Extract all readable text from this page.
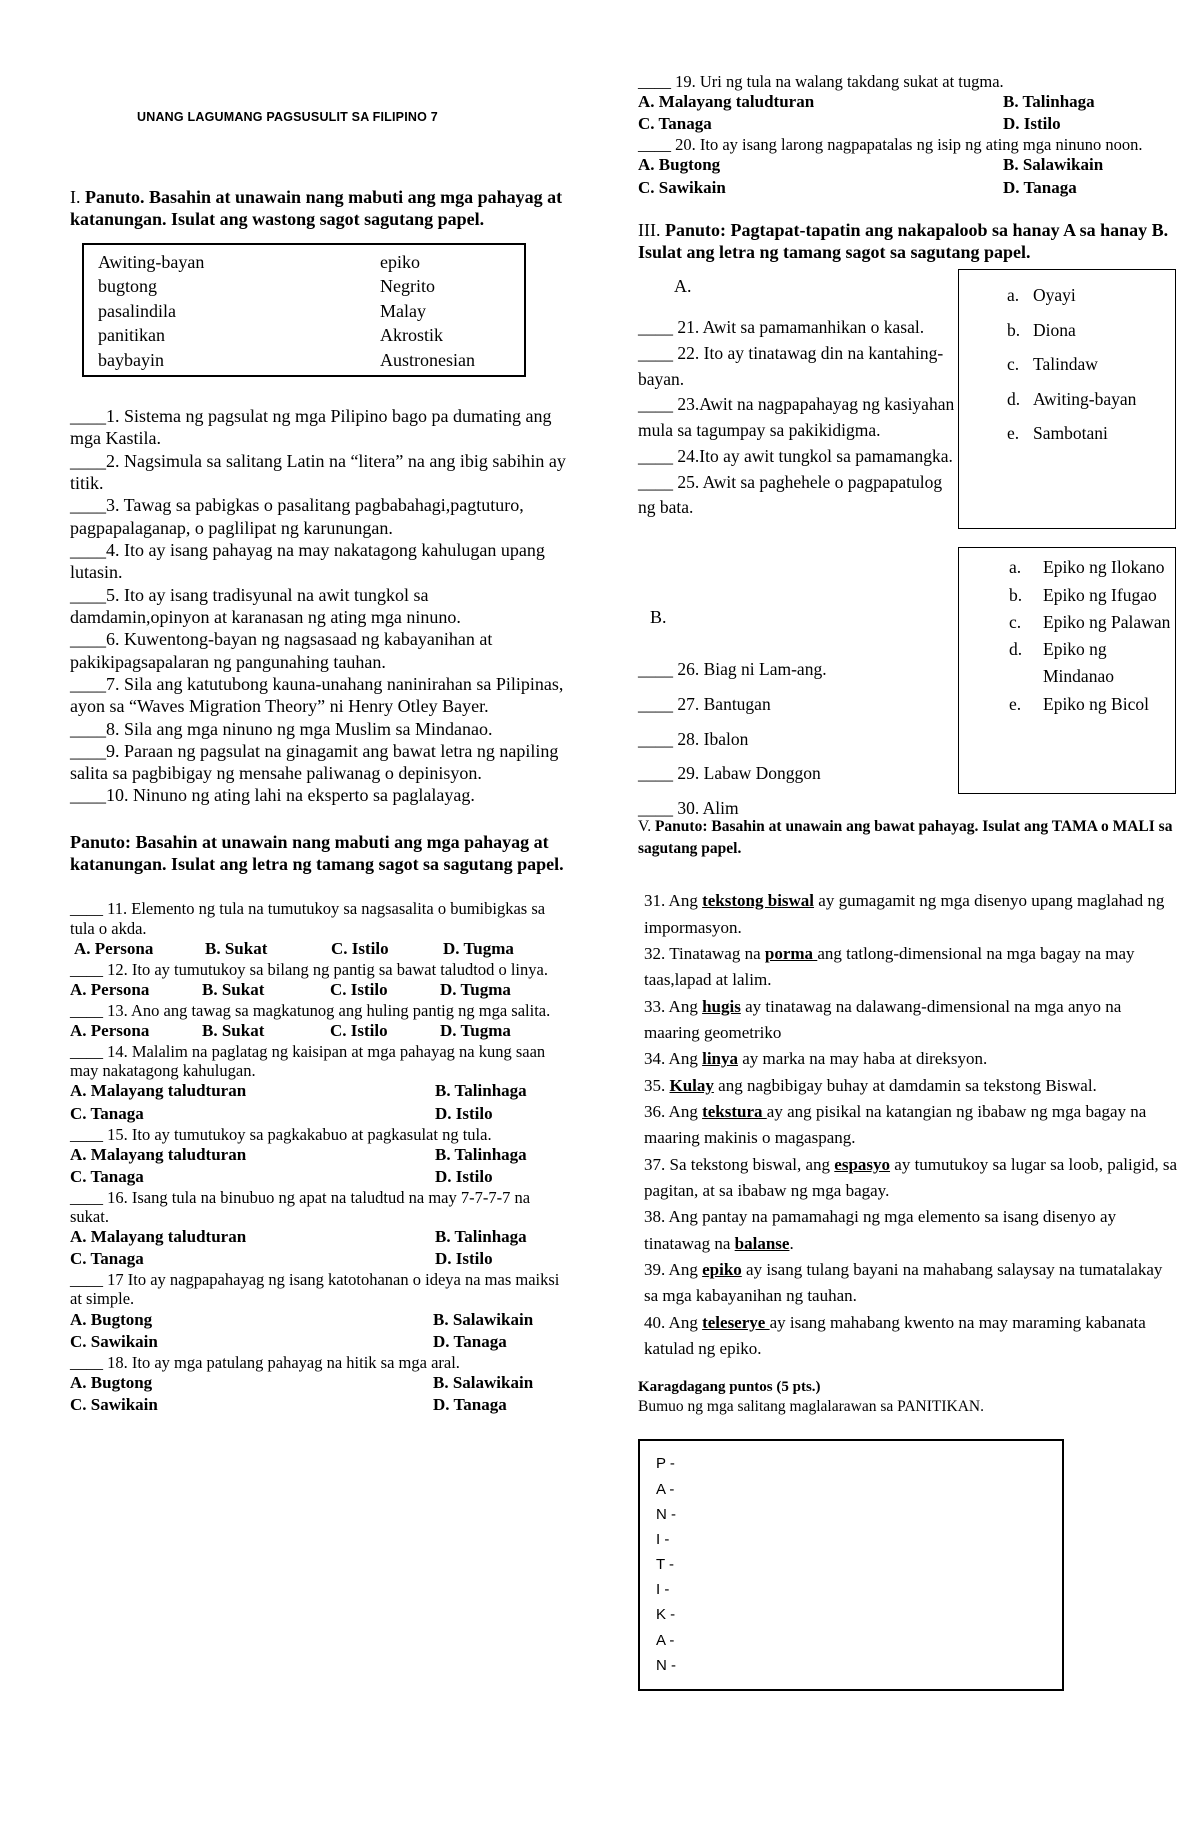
UNANG LAGUMANG PAGSUSULIT SA FILIPINO 7
I. Panuto. Basahin at unawain nang mabuti ang mga pahayag at katanungan. Isulat ang wastong sagot sagutang papel.
Awiting-bayan	epiko
bugtong	Negrito
pasalindila	Malay
panitikan	Akrostik
baybayin	Austronesian
____1. Sistema ng pagsulat ng mga Pilipino bago pa dumating ang mga Kastila.
____2. Nagsimula sa salitang Latin na “litera” na ang ibig sabihin ay titik.
____3. Tawag sa pabigkas o pasalitang pagbabahagi,pagtuturo, pagpapalaganap, o paglilipat ng karunungan.
____4. Ito ay isang pahayag na may nakatagong kahulugan upang lutasin.
____5. Ito ay isang tradisyunal na awit tungkol sa damdamin,opinyon at karanasan ng ating mga ninuno.
____6. Kuwentong-bayan ng nagsasaad ng kabayanihan at pakikipagsapalaran ng pangunahing tauhan.
____7. Sila ang katutubong kauna-unahang naninirahan sa Pilipinas, ayon sa “Waves Migration Theory” ni Henry Otley Bayer.
____8. Sila ang mga ninuno ng mga Muslim sa Mindanao.
____9. Paraan ng pagsulat na ginagamit ang bawat letra ng napiling salita sa pagbibigay ng mensahe paliwanag o depinisyon.
____10. Ninuno ng ating lahi na eksperto sa paglalayag.
Panuto: Basahin at unawain nang mabuti ang mga pahayag at katanungan. Isulat ang letra ng tamang sagot sa sagutang papel.
____ 11. Elemento ng tula na tumutukoy sa nagsasalita o bumibigkas sa tula o akda.
A. Persona	B. Sukat	C. Istilo	D. Tugma
____ 12. Ito ay tumutukoy sa bilang ng pantig sa bawat taludtod o linya.
A. Persona	B. Sukat	C. Istilo	D. Tugma
____ 13. Ano ang tawag sa magkatunog ang huling pantig ng mga salita.
A. Persona	B. Sukat	C. Istilo	D. Tugma
____ 14. Malalim na paglatag ng kaisipan at mga pahayag na kung saan may nakatagong kahulugan.
A. Malayang taludturan	B. Talinhaga
C. Tanaga	D. Istilo
____ 15. Ito ay tumutukoy sa pagkakabuo at pagkasulat ng tula.
A. Malayang taludturan	B. Talinhaga
C. Tanaga	D. Istilo
____ 16. Isang tula na binubuo ng apat na taludtud na may 7-7-7-7 na sukat.
A. Malayang taludturan	B. Talinhaga
C. Tanaga	D. Istilo
____ 17 Ito ay nagpapahayag ng isang katotohanan o ideya na mas maiksi at simple.
A. Bugtong	B. Salawikain
C. Sawikain	D. Tanaga
____ 18. Ito ay mga patulang pahayag na hitik sa mga aral.
A. Bugtong	B. Salawikain
C. Sawikain	D. Tanaga
____ 19. Uri ng tula na walang takdang sukat at tugma.
A. Malayang taludturan	B. Talinhaga
C. Tanaga	D. Istilo
____ 20. Ito ay isang larong nagpapatalas ng isip ng ating mga ninuno noon.
A. Bugtong	B. Salawikain
C. Sawikain	D. Tanaga
III. Panuto: Pagtapat-tapatin ang nakapaloob sa hanay A sa hanay B. Isulat ang letra ng tamang sagot sa sagutang papel.
A.
____ 21. Awit sa pamamanhikan o kasal.
____ 22. Ito ay tinatawag din na kantahing-bayan.
____ 23.Awit na nagpapahayag ng kasiyahan mula sa tagumpay sa pakikidigma.
____ 24.Ito ay awit tungkol sa pamamangka.
____ 25. Awit sa paghehele o pagpapatulog ng bata.
a. Oyayi
b. Diona
c. Talindaw
d. Awiting-bayan
e. Sambotani
B.
____ 26. Biag ni Lam-ang.
____ 27. Bantugan
____ 28. Ibalon
____ 29. Labaw Donggon
____ 30. Alim
a.	Epiko ng Ilokano
b.	Epiko ng Ifugao
c.	Epiko ng Palawan
d.	Epiko ng Mindanao
e.	Epiko ng Bicol
V. Panuto: Basahin at unawain ang bawat pahayag. Isulat ang TAMA o MALI sa sagutang papel.
31. Ang tekstong biswal ay gumagamit ng mga disenyo upang maglahad ng impormasyon.
32. Tinatawag na porma ang tatlong-dimensional na mga bagay na may taas,lapad at lalim.
33. Ang hugis ay tinatawag na dalawang-dimensional na mga anyo na maaring geometriko
34. Ang linya ay marka na may haba at direksyon.
35. Kulay ang nagbibigay buhay at damdamin sa tekstong Biswal.
36. Ang tekstura ay ang pisikal na katangian ng ibabaw ng mga bagay na maaring makinis o magaspang.
37. Sa tekstong biswal, ang espasyo ay tumutukoy sa lugar sa loob, paligid, sa pagitan, at sa ibabaw ng mga bagay.
38. Ang pantay na pamamahagi ng mga elemento sa isang disenyo ay tinatawag na balanse.
39. Ang epiko ay isang tulang bayani na mahabang salaysay na tumatalakay sa mga kabayanihan ng tauhan.
40. Ang teleserye ay isang mahabang kwento na may maraming kabanata katulad ng epiko.
Karagdagang puntos (5 pts.)
Bumuo ng mga salitang maglalarawan sa PANITIKAN.
P -
A -
N -
I -
T -
I -
K -
A -
N -
